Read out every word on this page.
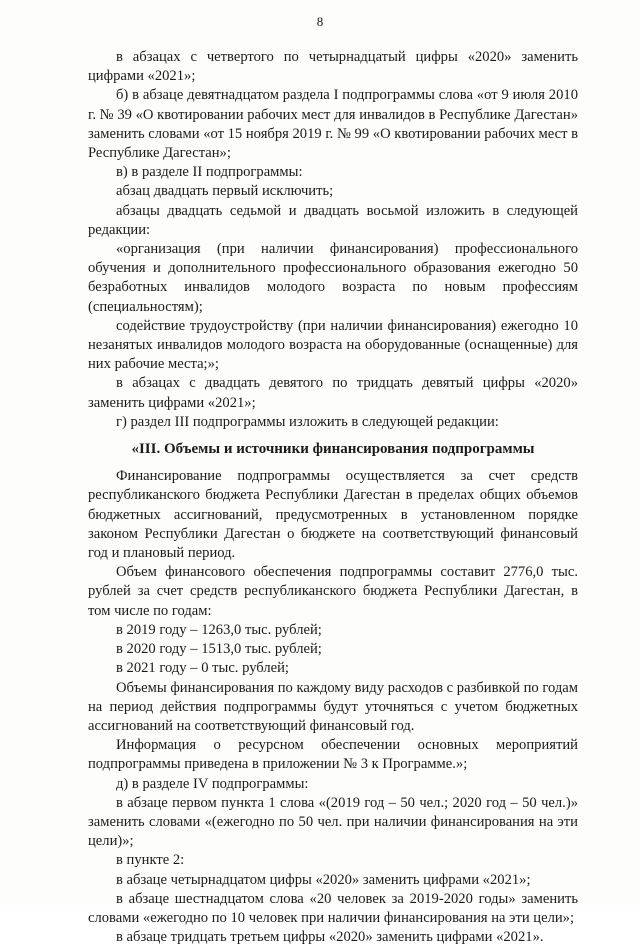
8

в абзацах с четвертого по четырнадцатый цифры «2020» заменить цифрами «2021»;

б) в абзаце девятнадцатом раздела I подпрограммы слова «от 9 июля 2010 г. № 39 «О квотировании рабочих мест для инвалидов в Республике Дагестан» заменить словами «от 15 ноября 2019 г. № 99 «О квотировании рабочих мест в Республике Дагестан»;

в) в разделе II подпрограммы:

абзац двадцать первый исключить;

абзацы двадцать седьмой и двадцать восьмой изложить в следующей редакции:

«организация (при наличии финансирования) профессионального обучения и дополнительного профессионального образования ежегодно 50 безработных инвалидов молодого возраста по новым профессиям (специальностям);

содействие трудоустройству (при наличии финансирования) ежегодно 10 незанятых инвалидов молодого возраста на оборудованные (оснащенные) для них рабочие места;»;

в абзацах с двадцать девятого по тридцать девятый цифры «2020» заменить цифрами «2021»;

г) раздел III подпрограммы изложить в следующей редакции:

«III. Объемы и источники финансирования подпрограммы

Финансирование подпрограммы осуществляется за счет средств республиканского бюджета Республики Дагестан в пределах общих объемов бюджетных ассигнований, предусмотренных в установленном порядке законом Республики Дагестан о бюджете на соответствующий финансовый год и плановый период.

Объем финансового обеспечения подпрограммы составит 2776,0 тыс. рублей за счет средств республиканского бюджета Республики Дагестан, в том числе по годам:

в 2019 году – 1263,0 тыс. рублей;

в 2020 году – 1513,0 тыс. рублей;

в 2021 году – 0 тыс. рублей;

Объемы финансирования по каждому виду расходов с разбивкой по годам на период действия подпрограммы будут уточняться с учетом бюджетных ассигнований на соответствующий финансовый год.

Информация о ресурсном обеспечении основных мероприятий подпрограммы приведена в приложении № 3 к Программе.»;

д) в разделе IV подпрограммы:

в абзаце первом пункта 1 слова «(2019 год – 50 чел.; 2020 год – 50 чел.)» заменить словами «(ежегодно по 50 чел. при наличии финансирования на эти цели)»;

в пункте 2:

в абзаце четырнадцатом цифры «2020» заменить цифрами «2021»;

в абзаце шестнадцатом слова «20 человек за 2019-2020 годы» заменить словами «ежегодно по 10 человек при наличии финансирования на эти цели»;

в абзаце тридцать третьем цифры «2020» заменить цифрами «2021».
